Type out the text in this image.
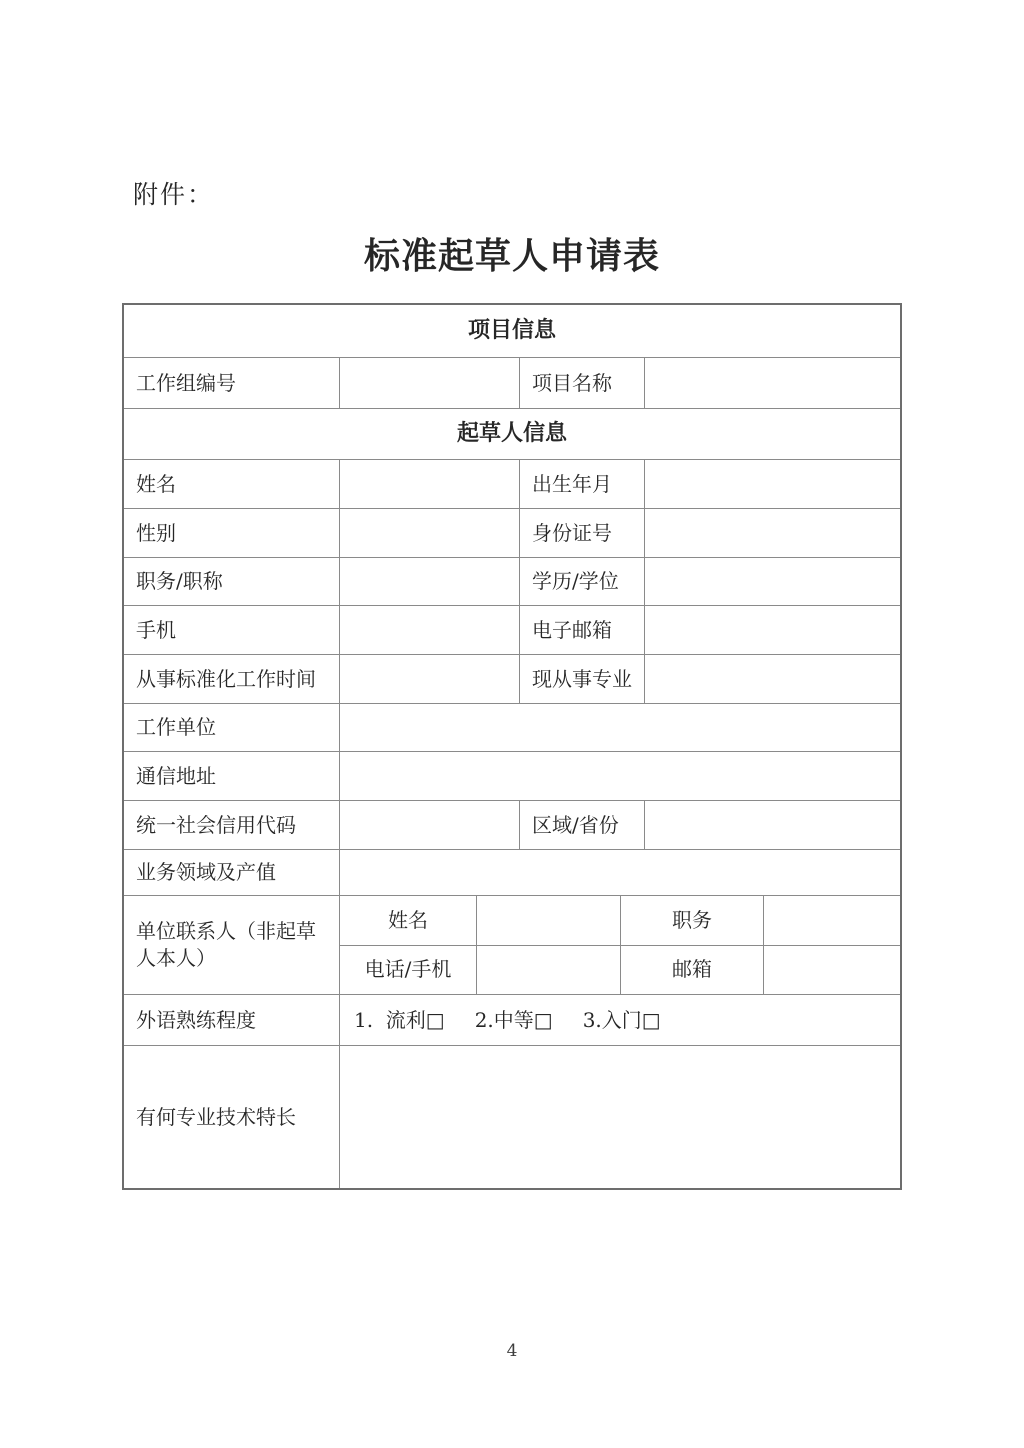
附件：
标准起草人申请表
项目信息
工作组编号	项目名称
起草人信息
姓名	出生年月
性别	身份证号
职务/职称	学历/学位
手机	电子邮箱
从事标准化工作时间	现从事专业
工作单位
通信地址
统一社会信用代码	区域/省份
业务领域及产值
单位联系人（非起草人本人）
姓名	职务
电话/手机	邮箱
外语熟练程度	1.  流利□ 2.中等□ 3.入门□
有何专业技术特长
4
